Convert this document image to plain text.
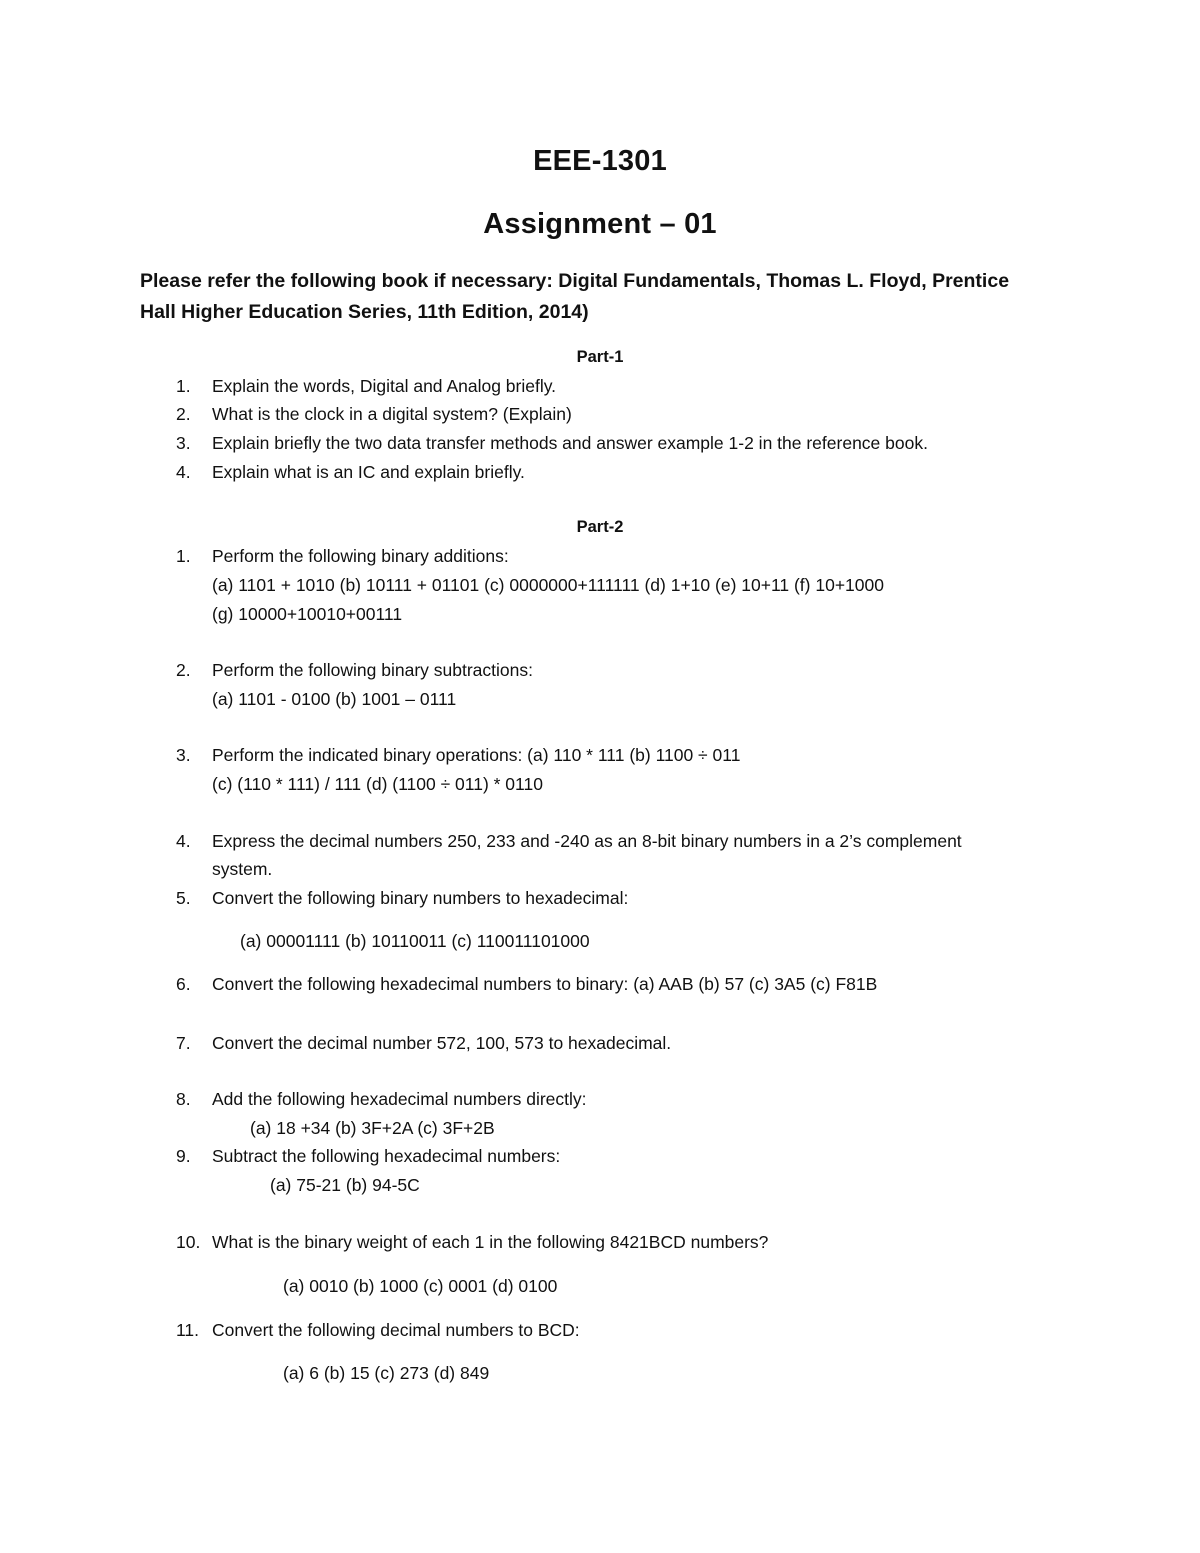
EEE-1301
Assignment – 01
Please refer the following book if necessary: Digital Fundamentals, Thomas L. Floyd, Prentice
Hall Higher Education Series, 11th Edition, 2014)
Part-1
1. Explain the words, Digital and Analog briefly.
2. What is the clock in a digital system? (Explain)
3. Explain briefly the two data transfer methods and answer example 1-2 in the reference book.
4. Explain what is an IC and explain briefly.
Part-2
1. Perform the following binary additions:
(a) 1101 + 1010 (b) 10111 + 01101 (c) 0000000+111111 (d) 1+10 (e) 10+11 (f) 10+1000
(g) 10000+10010+00111
2. Perform the following binary subtractions:
(a) 1101 - 0100 (b) 1001 – 0111
3. Perform the indicated binary operations: (a) 110 * 111 (b) 1100 ÷ 011
(c) (110 * 111) / 111 (d) (1100 ÷ 011) * 0110
4. Express the decimal numbers 250, 233 and -240 as an 8-bit binary numbers in a 2’s complement
system.
5. Convert the following binary numbers to hexadecimal:
(a) 00001111 (b) 10110011 (c) 110011101000
6. Convert the following hexadecimal numbers to binary: (a) AAB (b) 57 (c) 3A5 (c) F81B
7. Convert the decimal number 572, 100, 573 to hexadecimal.
8. Add the following hexadecimal numbers directly:
(a) 18 +34 (b) 3F+2A (c) 3F+2B
9. Subtract the following hexadecimal numbers:
(a) 75-21 (b) 94-5C
10. What is the binary weight of each 1 in the following 8421BCD numbers?
(a) 0010 (b) 1000 (c) 0001 (d) 0100
11. Convert the following decimal numbers to BCD:
(a) 6 (b) 15 (c) 273 (d) 849
